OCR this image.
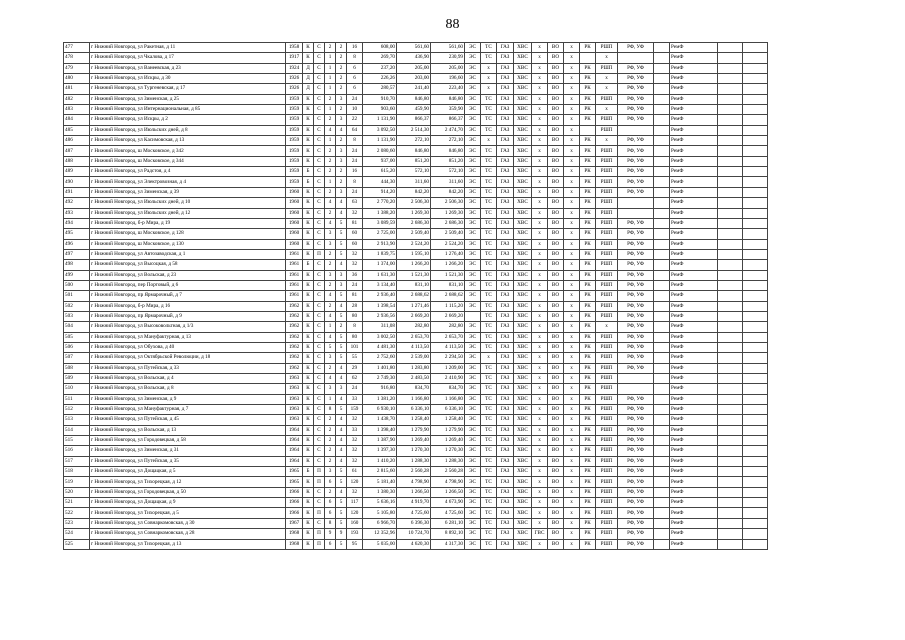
88
477	г Нижний Новгород, ул Ракетная, д 11	1958	К	С	2	2	16	608,00	561,60	561,60	ЭС	ТС	ГАЗ	ХВС	х	ВО	х	РК	РШП	РФ, УФ		РемФ		
478	г Нижний Новгород, ул Чкалова, д 17	1917	К	С	1	2	8	269,70	436,90	230,99	ЭС	ТС	ГАЗ	ХВС	х	ВО	х		х			РемФ		
479	г Нижний Новгород, ул Ванеевская, д 23	1924	Д	С	1	2	6	237,20	205,00	205,00	ЭС	х	ГАЗ	ХВС	х	ВО	х	РК	РШП	РФ, УФ		РемФ		
480	г Нижний Новгород, ул Искры, д 30	1926	Д	С	1	2	6	226,26	203,00	196,60	ЭС	х	ГАЗ	ХВС	х	ВО	х	РК	х	РФ, УФ		РемФ		
481	г Нижний Новгород, ул Тургеневская, д 17	1926	Д	С	1	2	6	280,57	241,40	223,40	ЭС	х	ГАЗ	ХВС	х	ВО	х	РК	х	РФ, УФ		РемФ		
482	г Нижний Новгород, ул Зименская, д 25	1959	К	С	2	3	24	910,70	846,80	846,80	ЭС	ТС	ГАЗ	ХВС	х	ВО	х	РК	РШП	РФ, УФ		РемФ		
483	г Нижний Новгород, ул Интернациональная, д 85	1959	К	С	1	2	10	903,60	459,90	359,90	ЭС	ТС	ГАЗ	ХВС	х	ВО	х	РК	х	РФ, УФ		РемФ		
484	г Нижний Новгород, ул Искры, д 2	1959	К	С	2	3	22	1 131,90	866,37	866,37	ЭС	ТС	ГАЗ	ХВС	х	ВО	х	РК	РШП	РФ, УФ		РемФ		
485	г Нижний Новгород, ул Июльских дней, д 8	1959	К	С	4	4	64	3 092,50	2 514,30	2 474,70	ЭС	ТС	ГАЗ	ХВС	х	ВО	х		РШП			РемФ		
486	г Нижний Новгород, ул Касимовская, д 13	1959	К	С	1	2	8	1 131,90	272,10	272,10	ЭС	х	ГАЗ	ХВС	х	ВО	х	РК	х	РФ, УФ		РемФ		
487	г Нижний Новгород, ш Московское, д 342	1959	К	С	2	3	24	2 080,60	846,80	846,80	ЭС	ТС	ГАЗ	ХВС	х	ВО	х	РК	РШП	РФ, УФ		РемФ		
488	г Нижний Новгород, ш Московское, д 344	1959	К	С	2	3	24	937,00	851,20	851,20	ЭС	ТС	ГАЗ	ХВС	х	ВО	х	РК	РШП	РФ, УФ		РемФ		
489	г Нижний Новгород, ул Радстоя, д 4	1959	Б	С	2	2	16	615,20	572,10	572,10	ЭС	ТС	ГАЗ	ХВС	х	ВО	х	РК	РШП	РФ, УФ		РемФ		
490	г Нижний Новгород, ул Электровозная, д 4	1959	Б	С	1	2	8	444,30	311,60	311,60	ЭС	ТС	ГАЗ	ХВС	х	ВО	х	РК	РШП	РФ, УФ		РемФ		
491	г Нижний Новгород, ул Зименская, д 39	1960	К	С	2	3	24	914,20	842,20	842,20	ЭС	ТС	ГАЗ	ХВС	х	ВО	х	РК	РШП	РФ, УФ		РемФ		
492	г Нижний Новгород, ул Июльских дней, д 10	1960	К	С	4	4	63	2 770,20	2 506,30	2 506,30	ЭС	ТС	ГАЗ	ХВС	х	ВО	х	РК	РШП			РемФ		
493	г Нижний Новгород, ул Июльских дней, д 12	1960	К	С	2	4	32	1 388,20	1 269,30	1 269,30	ЭС	ТС	ГАЗ	ХВС	х	ВО	х	РК	РШП			РемФ		
494	г Нижний Новгород, б-р Мира, д 19	1960	К	С	4	5	81	3 089,59	2 686,30	2 686,30	ЭС	ТС	ГАЗ	ХВС	х	ВО	х	РК	РШП	РФ, УФ		РемФ		
495	г Нижний Новгород, ш Московское, д 128	1960	К	С	3	5	60	2 725,00	2 509,40	2 509,40	ЭС	ТС	ГАЗ	ХВС	х	ВО	х	РК	РШП	РФ, УФ		РемФ		
496	г Нижний Новгород, ш Московское, д 130	1960	К	С	3	5	60	2 913,90	2 524,20	2 524,20	ЭС	ТС	ГАЗ	ХВС	х	ВО	х	РК	РШП	РФ, УФ		РемФ		
497	г Нижний Новгород, ул Автозаводская, д 1	1961	К	П	2	5	32	1 839,75	1 595,10	1 276,40	ЭС	ТС	ГАЗ	ХВС	х	ВО	х	РК	РШП	РФ, УФ		РемФ		
498	г Нижний Новгород, ул Высоцкая, д 58	1961	Б	С	2	4	32	1 374,00	1 266,20	1 266,20	ЭС	ТС	ГАЗ	ХВС	х	ВО	х	РК	РШП	РФ, УФ		РемФ		
499	г Нижний Новгород, ул Вольская, д 23	1961	К	С	3	3	36	1 631,30	1 521,30	1 521,30	ЭС	ТС	ГАЗ	ХВС	х	ВО	х	РК	РШП	РФ, УФ		РемФ		
500	г Нижний Новгород, пер Портовый, д 6	1961	К	С	2	3	24	3 134,40	831,10	831,10	ЭС	ТС	ГАЗ	ХВС	х	ВО	х	РК	РШП	РФ, УФ		РемФ		
501	г Нижний Новгород, пр Ярмарочный, д 7	1961	К	С	4	5	81	2 936,40	2 688,62	2 688,62	ЭС	ТС	ГАЗ	ХВС	х	ВО	х	РК	РШП	РФ, УФ		РемФ		
502	г Нижний Новгород, б-р Мира, д 16	1962	К	С	2	4	28	1 398,54	1 271,46	1 115,20	ЭС	ТС	ГАЗ	ХВС	х	ВО	х	РК	РШП	РФ, УФ		РемФ		
503	г Нижний Новгород, пр Ярмарочный, д 9	1962	К	С	4	5	80	2 936,56	2 669,20	2 669,20		ТС	ГАЗ	ХВС	х	ВО	х	РК	РШП	РФ, УФ		РемФ		
504	г Нижний Новгород, ул Высоковольтная, д 1/3	1962	К	С	1	2	8	311,08	282,80	282,80	ЭС	ТС	ГАЗ	ХВС	х	ВО	х	РК	х	РФ, УФ		РемФ		
505	г Нижний Новгород, ул Мануфактурная, д 13	1962	К	С	4	5	80	3 002,50	2 653,70	2 653,70	ЭС	ТС	ГАЗ	ХВС	х	ВО	х	РК	РШП	РФ, УФ		РемФ		
506	г Нижний Новгород, ул Обухова, д 40	1962	К	С	5	5	101	4 481,30	4 113,50	4 113,50	ЭС	ТС	ГАЗ	ХВС	х	ВО	х	РК	РШП	РФ, УФ		РемФ		
507	г Нижний Новгород, ул Октябрьской Революции, д 18	1962	К	С	3	5	55	2 752,60	2 539,00	2 294,50	ЭС	х	ГАЗ	ХВС	х	ВО	х	РК	РШП	РФ, УФ		РемФ		
508	г Нижний Новгород, ул Путейская, д 33	1962	К	С	2	4	29	1 401,80	1 283,80	1 209,00	ЭС	ТС	ГАЗ	ХВС	х	ВО	х	РК	РШП	РФ, УФ		РемФ		
509	г Нижний Новгород, ул Вольская, д 4	1963	К	С	4	4	62	2 749,30	2 483,50	2 410,90	ЭС	ТС	ГАЗ	ХВС	х	ВО	х	РК	РШП			РемФ		
510	г Нижний Новгород, ул Вольская, д 8	1963	К	С	3	3	24	916,80	834,70	834,70	ЭС	ТС	ГАЗ	ХВС	х	ВО	х	РК	РШП			РемФ		
511	г Нижний Новгород, ул Зименская, д 9	1963	К	С	1	4	33	1 381,20	1 166,80	1 166,80	ЭС	ТС	ГАЗ	ХВС	х	ВО	х	РК	РШП	РФ, УФ		РемФ		
512	г Нижний Новгород, ул Мануфактурная, д 7	1963	К	С	8	5	159	6 930,10	6 336,10	6 336,10	ЭС	ТС	ГАЗ	ХВС	х	ВО	х	РК	РШП	РФ, УФ		РемФ		
513	г Нижний Новгород, ул Путейская, д 45	1963	К	С	2	4	32	1 438,70	1 258,40	1 258,40	ЭС	ТС	ГАЗ	ХВС	х	ВО	х	РК	РШП	РФ, УФ		РемФ		
514	г Нижний Новгород, ул Вольская, д 13	1964	К	С	2	4	33	1 398,40	1 279,90	1 279,90	ЭС	ТС	ГАЗ	ХВС	х	ВО	х	РК	РШП	РФ, УФ		РемФ		
515	г Нижний Новгород, ул Городовецкая, д 58	1964	К	С	2	4	32	1 387,90	1 269,40	1 269,40	ЭС	ТС	ГАЗ	ХВС	х	ВО	х	РК	РШП	РФ, УФ		РемФ		
516	г Нижний Новгород, ул Зименская, д 31	1964	К	С	2	4	32	1 397,30	1 270,30	1 270,30	ЭС	ТС	ГАЗ	ХВС	х	ВО	х	РК	РШП	РФ, УФ		РемФ		
517	г Нижний Новгород, ул Путейская, д 35	1964	К	С	2	4	32	1 410,20	1 288,30	1 288,30	ЭС	ТС	ГАЗ	ХВС	х	ВО	х	РК	РШП	РФ, УФ		РемФ		
518	г Нижний Новгород, ул Дощацкая, д 5	1965	Б	П	3	5	61	2 815,60	2 560,28	2 560,28	ЭС	ТС	ГАЗ	ХВС	х	ВО	х	РК	РШП	РФ, УФ		РемФ		
519	г Нижний Новгород, ул Тихорецкая, д 12	1965	К	П	6	5	120	5 181,40	4 798,90	4 798,90	ЭС	ТС	ГАЗ	ХВС	х	ВО	х	РК	РШП	РФ, УФ		РемФ		
520	г Нижний Новгород, ул Городовецкая, д 50	1966	К	С	2	4	32	1 380,30	1 266,50	1 266,50	ЭС	ТС	ГАЗ	ХВС	х	ВО	х	РК	РШП	РФ, УФ		РемФ		
521	г Нижний Новгород, ул Дощацкая, д 9	1966	К	С	6	5	117	5 636,16	4 919,70	4 673,90	ЭС	ТС	ГАЗ	ХВС	х	ВО	х	РК	РШП	РФ, УФ		РемФ		
522	г Нижний Новгород, ул Тихорецкая, д 5	1966	К	П	6	5	120	5 105,80	4 725,60	4 725,60	ЭС	ТС	ГАЗ	ХВС	х	ВО	х	РК	РШП	РФ, УФ		РемФ		
523	г Нижний Новгород, ул Совнаркомовская, д 30	1967	К	С	8	5	160	6 966,70	6 396,30	6 281,10	ЭС	ТС	ГАЗ	ХВС	х	ВО	х	РК	РШП	РФ, УФ		РемФ		
524	г Нижний Новгород, ул Совнаркомовская, д 28	1968	К	П	9	9	193	12 352,96	10 724,70	8 892,10	ЭС	ТС	ГАЗ	ХВС	ГВС	ВО	х	РК	РШП	РФ, УФ		РемФ		
525	г Нижний Новгород, ул Тихорецкая, д 13	1968	К	П	6	5	95	5 035,00	4 620,30	4 317,30	ЭС	ТС	ГАЗ	ХВС	х	ВО	х	РК	РШП	РФ, УФ		РемФ		
